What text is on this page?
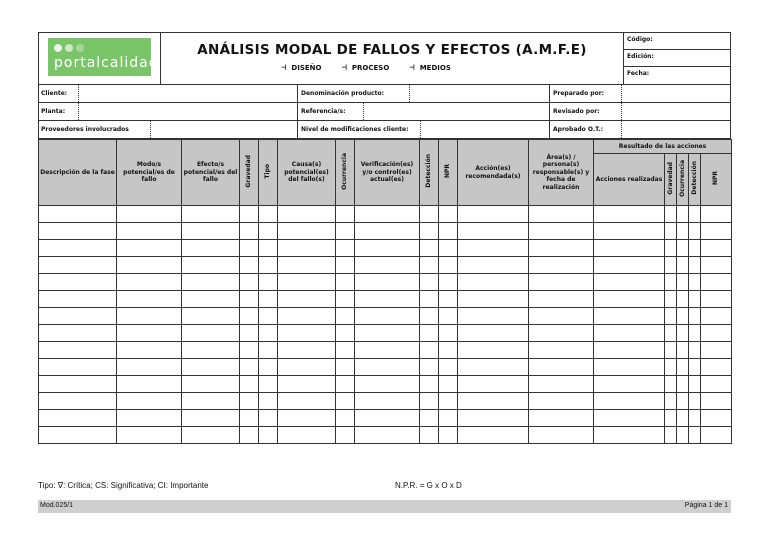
portalcalidad
ANÁLISIS MODAL DE FALLOS Y EFECTOS (A.M.F.E)
⊣ DISEÑO ⊣ PROCESO ⊣ MEDIOS
Código:
Edición:
Fecha:
Cliente:	Denominación producto:	Preparado por:
Planta:	Referencia/s:	Revisado por:
Proveedores involucrados	Nivel de modificaciones cliente:	Aprobado O.T.:
Descripción de la fase	Modo/s potencial/es de fallo	Efecto/s potencial/es del fallo	Gravedad	Tipo	Causa(s) potencial(es) del fallo(s)	Ocurrencia	Verificación(es) y/o control(es) actual(es)	Detección	NPR	Acción(es) recomendada(s)	Área(s) / persona(s) responsable(s) y fecha de realización	Resultado de las acciones				
												Acciones realizadas	Gravedad	Ocurrencia	Detección	NPR

Tipo: ∇: Crítica; CS: Significativa; CI: Importante	N.P.R. = G x O x D
Mod.025/1	Página 1 de 1
